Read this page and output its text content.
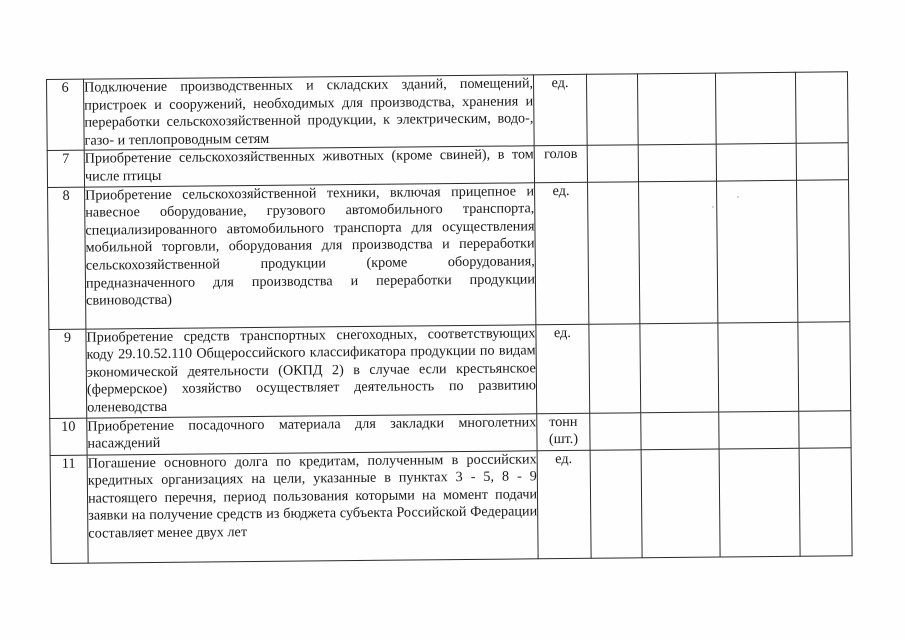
6	Подключение производственных и складских зданий, помещений, пристроек и сооружений, необходимых для производства, хранения и переработки сельскохозяйственной продукции, к электрическим, водо-, газо- и теплопроводным сетям	ед.				
7	Приобретение сельскохозяйственных животных (кроме свиней), в том числе птицы	голов				
8	Приобретение сельскохозяйственной техники, включая прицепное и навесное оборудование, грузового автомобильного транспорта, специализированного автомобильного транспорта для осуществления мобильной торговли, оборудования для производства и переработки сельскохозяйственной продукции (кроме оборудования, предназначенного для производства и переработки продукции свиноводства)	ед.				
9	Приобретение средств транспортных снегоходных, соответствующих коду 29.10.52.110 Общероссийского классификатора продукции по видам экономической деятельности (ОКПД 2) в случае если крестьянское (фермерское) хозяйство осуществляет деятельность по развитию оленеводства	ед.				
10	Приобретение посадочного материала для закладки многолетних насаждений	тонн (шт.)				
11	Погашение основного долга по кредитам, полученным в российских кредитных организациях на цели, указанные в пунктах 3 - 5, 8 - 9 настоящего перечня, период пользования которыми на момент подачи заявки на получение средств из бюджета субъекта Российской Федерации составляет менее двух лет	ед.				
